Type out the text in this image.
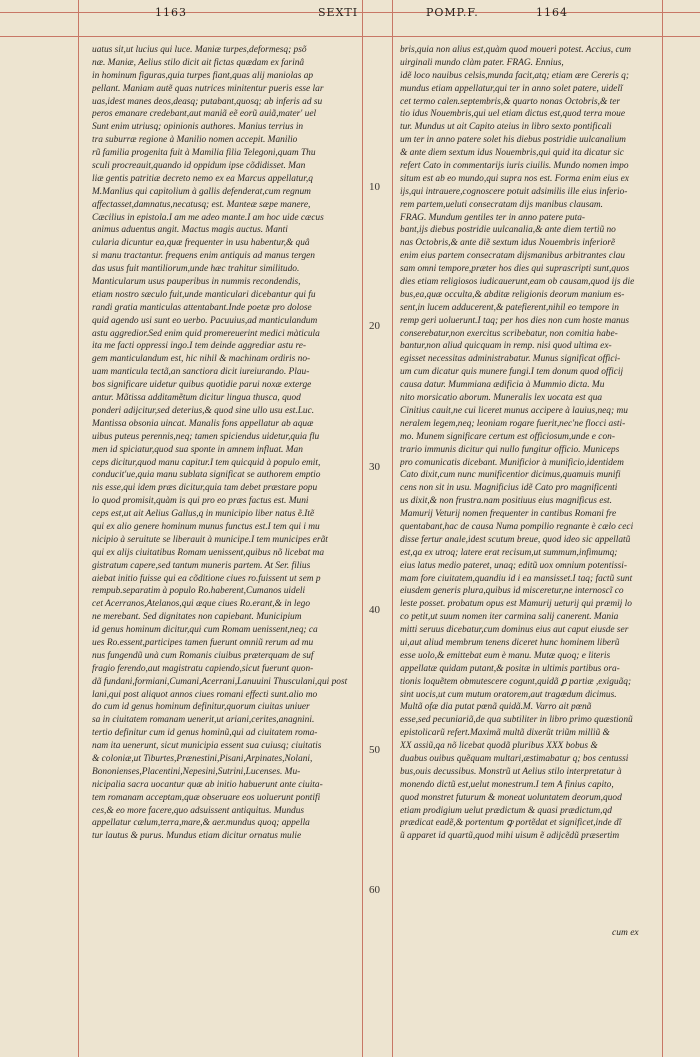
1163	SEXTI	POMP.F.	1164
10
20
30
40
50
60
uatus sit,ut lucius qui luce. Maniæ turpes,deformesq; psõ
næ. Maniæ, Aelius stilo dicit ait fictas quædam ex farinâ
in hominum figuras,quia turpes fiant,quas alij maniolas ap
pellant. Maniam autẽ quas nutrices minitentur pueris esse lar
uas,idest manes deos,deasq; putabant,quosq; ab inferis ad su
peros emanare credebant,aut maniã eẽ eorũ auiã,mater' uel
Sunt enim utriusq; opinionis authores. Manius terrius in
tra suburræ regione à Manilio nomen accepit. Manilio
rũ familia progenita fuit à Mamilia filia Telegoni,quam Thu
sculi procreauit,quando id oppidum ipse cõdidisset. Man
liæ gentis patritiæ decreto nemo ex ea Marcus appellatur,q
M.Manlius qui capitolium à gallis defenderat,cum regnum
affectasset,damnatus,necatusq; est. Manteæ sæpe manere,
Cæcilius in epistola.I am me adeo mante.I am hoc uide cæcus
animus aduentus angit. Mactus magis auctus. Manti
cularia dicuntur ea,quæ frequenter in usu habentur,& quâ
si manu tractantur. frequens enim antiquis ad manus tergen
das usus fuit mantiliorum,unde hæc trahitur similitudo.
Manticularum usus pauperibus in nummis recondendis,
etiam nostro sæculo fuit,unde manticulari dicebantur qui fu
randi gratia manticulas attentabant.Inde poetæ pro dolose
quid agendo usi sunt eo uerbo. Pacuuius,ad manticulandum
astu aggredior.Sed enim quid promereuerint medici màticula
ita me facti oppressi ingo.I tem deinde aggrediar astu re-
gem manticulandum est, hic nihil & machinam ordiris no-
uam manticula tectã,an sanctiora dicit iureiurando. Plau-
bos significare uidetur quibus quotidie parui noxæ exterge
antur. Mãtissa additamẽtum dicitur lingua thusca, quod
ponderi adijcitur,sed deterius,& quod sine ullo usu est.Luc.
Mantissa obsonia uincat. Manalis fons appellatur ab aquæ
uibus puteus perennis,neq; tamen spiciendus uidetur,quia flu
men id spiciatur,quod sua sponte in amnem influat. Man
ceps dicitur,quod manu capitur.I tem quicquid à populo emit,
conducit'ue,quia manu sublata significat se authorem emptio
nis esse,qui idem præs dicitur,quia tam debet præstare popu
lo quod promisit,quàm is qui pro eo præs factus est. Muni
ceps est,ut ait Aelius Gallus,q in municipio liber natus ẽ.Itẽ
qui ex alio genere hominum munus functus est.I tem qui i mu
nicipio à seruitute se liberauit à municipe.I tem municipes erãt
qui ex alijs ciuitatibus Romam uenissent,quibus nõ licebat ma
gistratum capere,sed tantum muneris partem. At Ser. filius
aiebat initio fuisse qui ea cõditione ciues ro.fuissent ut sem p
rempub.separatim à populo Ro.haberent,Cumanos uideli
cet Acerranos,Atelanos,qui æque ciues Ro.erant,& in lego
ne merebant. Sed dignitates non capiebant. Municipium
id genus hominum dicitur,qui cum Romam uenissent,neq; ca
ues Ro.essent,participes tamen fuerunt omniũ rerum ad mu
nus fungendũ unà cum Romanis ciuibus præterquam de suf
fragio ferendo,aut magistratu capiendo,sicut fuerunt quon-
dã fundani,formiani,Cumani,Acerrani,Lanuuini Thusculani,qui post
lani,qui post aliquot annos ciues romani effecti sunt.alio mo
do cum id genus hominum definitur,quorum ciuitas uniuer
sa in ciuitatem romanam uenerit,ut ariani,cerites,anagnini.
tertio definitur cum id genus hominũ,qui ad ciuitatem roma-
nam ita uenerunt, sicut municipia essent sua cuiusq; ciuitatis
& coloniæ,ut Tiburtes,Prænestini,Pisani,Arpinates,Nolani,
Bononienses,Placentini,Nepesini,Sutrini,Lucenses. Mu-
nicipalia sacra uocantur quæ ab initio habuerunt ante ciuita-
tem romanam acceptam,quæ obseruare eos uoluerunt pontifi
ces,& eo more facere,quo adsuissent antiquitus. Mundus
appellatur cælum,terra,mare,& aer.mundus quoq; appella
tur lautus & purus. Mundus etiam dicitur ornatus mulie
bris,quia non alius est,quàm quod moueri potest. Accius, cum
uirginali mundo clàm pater. FRAG. Ennius,
idẽ loco nauibus celsis,munda facit,atq; etiam ære Cereris q;
mundus etiam appellatur,qui ter in anno solet patere, uidelĩ
cet termo calen.septembris,& quarto nonas Octobris,& ter
tio idus Nouembris,qui uel etiam dictus est,quod terra moue
tur. Mundus ut ait Capito ateius in libro sexto pontificali
um ter in anno patere solet his diebus postridie uulcanalium
& ante diem sextum idus Nouembris,qui quid ita dicatur sic
refert Cato in commentarijs iuris ciuilis. Mundo nomen impo
situm est ab eo mundo,qui supra nos est. Forma enim eius ex
ijs,qui intrauere,cognoscere potuit adsimilis ille eius inferio-
rem partem,ueluti consecratam dijs manibus clausam.
FRAG. Mundum gentiles ter in anno patere puta-
bant,ijs diebus postridie uulcanalia,& ante diem tertiũ no
nas Octobris,& ante diẽ sextum idus Nouembris inferiorẽ
enim eius partem consecratam dijsmanibus arbitrantes clau
sam omni tempore,præter hos dies qui suprascripti sunt,quos
dies etiam religiosos iudicauerunt,eam ob causam,quod ijs die
bus,ea,quæ occulta,& abditæ religionis deorum manium es-
sent,in lucem adducerent,& patefierent,nihil eo tempore in
remp geri uoluerunt.I taq; per hos dies non cum hoste manus
conserebatur,non exercitus scribebatur, non comitia habe-
bantur,non aliud quicquam in remp. nisi quod ultima ex-
egisset necessitas administrabatur. Munus significat offici-
um cum dicatur quis munere fungi.I tem donum quod officij
causa datur. Mummiana ædificia à Mummio dicta. Mu
nito morsicatio aborum. Muneralis lex uocata est qua
Cinitius cauit,ne cui liceret munus accipere à lauius,neq; mu
neralem legem,neq; leoniam rogare fuerit,nec'ne flocci asti-
mo. Munem significare certum est officiosum,unde e con-
trario immunis dicitur qui nullo fungitur officio. Municeps
pro comunicatis dicebant. Munificior à munificio,identidem
Cato dixit,cum nunc munificentior dicimus,quamuis munifi
cens non sit in usu. Magnificius idẽ Cato pro magnificenti
us dixit,& non frustra.nam positiuus eius magnificus est.
Mamurij Veturij nomen frequenter in cantibus Romani fre
quentabant,hac de causa Numa pompilio regnante è cælo ceci
disse fertur anale,idest scutum breue, quod ideo sic appellatũ
est,qa ex utroq; latere erat recisum,ut summum,infimumq;
eius latus medio pateret, unaq; editũ uox omnium potentissi-
mam fore ciuitatem,quandiu id i ea mansisset.I taq; factũ sunt
eiusdem generis plura,quibus id misceretur,ne internoscĩ co
leste posset. probatum opus est Mamurij ueturij qui præmij lo
co petit,ut suum nomen iter carmina salij canerent. Mania
mitti seruus dicebatur,cum dominus eius aut caput eiusde ser
ui,aut aliud membrum tenens diceret hunc hominem liberũ
esse uolo,& emittebat eum è manu. Mutæ quoq; e literis
appellatæ quidam putant,& positæ in ultimis partibus ora-
tionis loquẽtem obmutescere cogunt,quidã ꝑ partiæ ,exiguãq;
sint uocis,ut cum mutum oratorem,aut tragœdum dicimus.
Multã ofæ dia putat pœnã quidã.M. Varro ait pœnã
esse,sed pecuniariã,de qua subtiliter in libro primo quæstionũ
epistolicarũ refert.Maximã multã dixerũt triũm milliũ &
XX assiũ,qa nõ licebat quodã pluribus XXX bobus &
duabus ouibus quẽquam multari,æstimabatur q; bos centussi
bus,ouis decussibus. Monstrũ ut Aelius stilo interpretatur à
monendo dictũ est,uelut monestrum.I tem A finius capito,
quod monstret futurum & moneat uoluntatem deorum,quod
etiam prodigium uelut prædictum & quasi prædictum,qd
prædicat eadẽ,& portentum ꝙ portẽdat et significet,inde dĩ
ũ apparet id quartũ,quod mihi uisum ẽ adijcẽdũ præsertim
cum ex
